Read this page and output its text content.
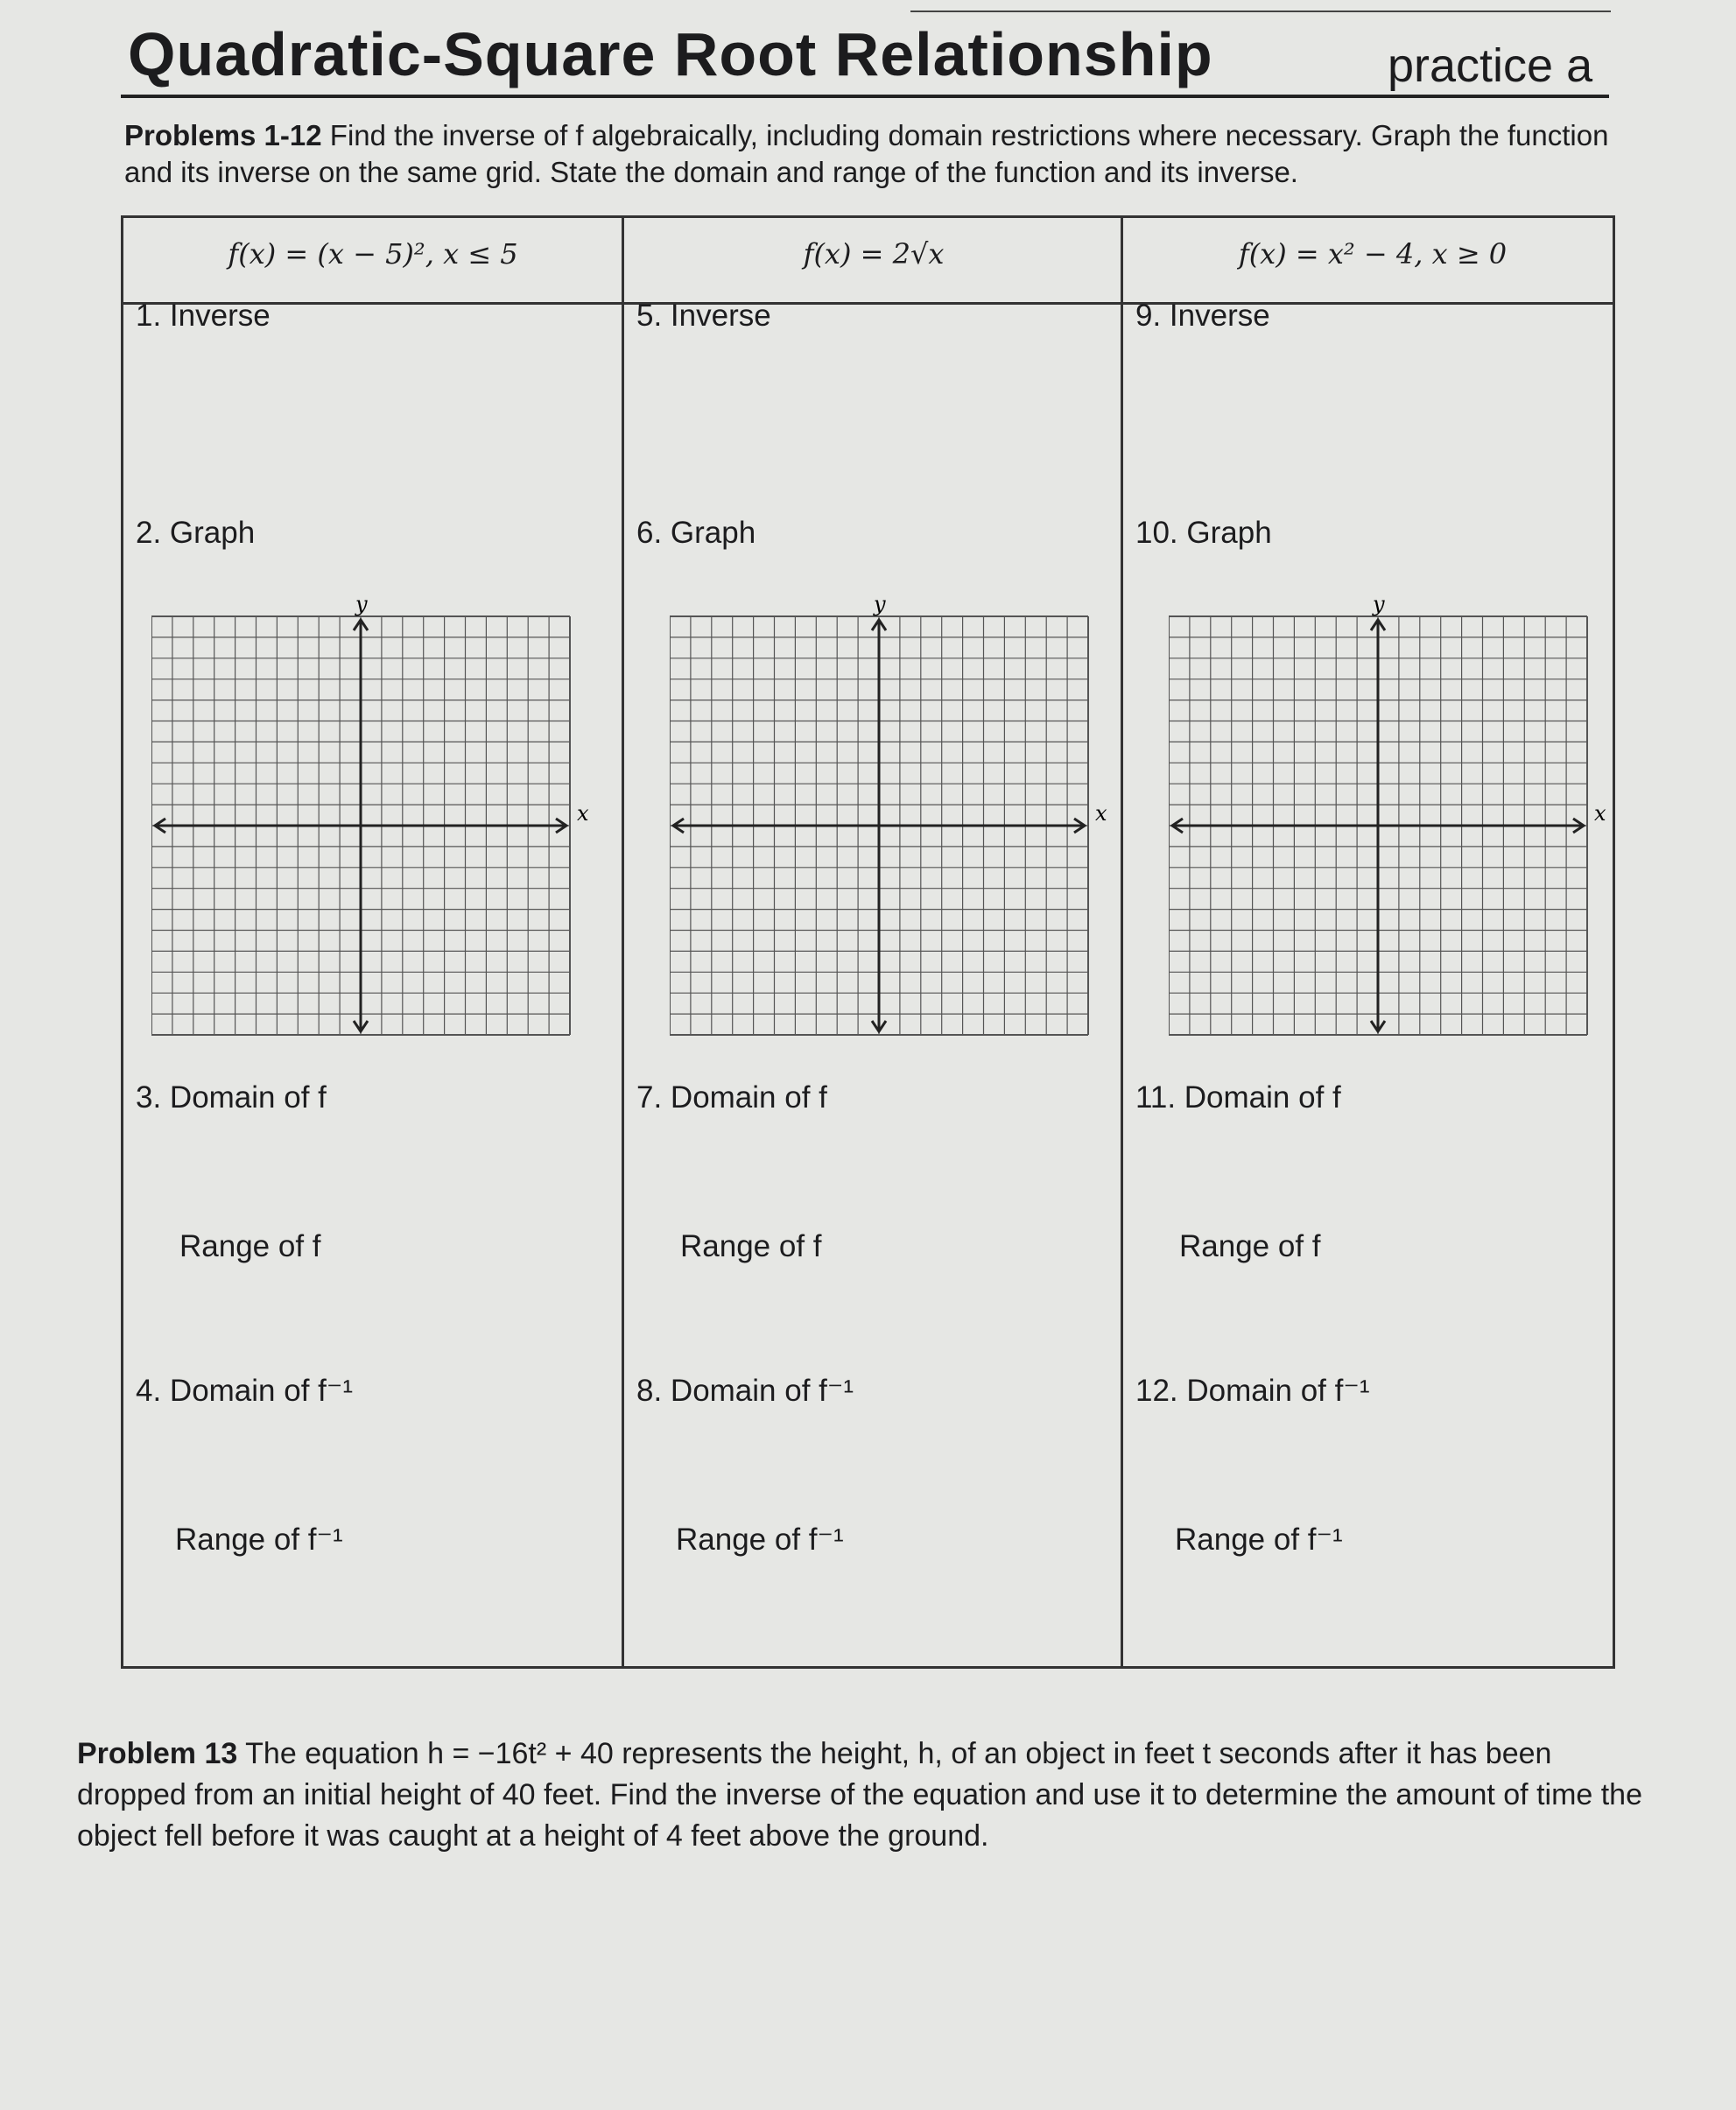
Quadratic-Square Root Relationship	practice a
Problems 1-12 Find the inverse of f algebraically, including domain restrictions where necessary. Graph the function and its inverse on the same grid. State the domain and range of the function and its inverse.
f(x) = (x − 5)², x ≤ 5
1. Inverse
2. Graph
3. Domain of f
Range of f
4. Domain of f⁻¹
Range of f⁻¹
y
x
f(x) = 2√x
5. Inverse
6. Graph
7. Domain of f
Range of f
8. Domain of f⁻¹
Range of f⁻¹
y
x
f(x) = x² − 4, x ≥ 0
9. Inverse
10. Graph
11. Domain of f
Range of f
12. Domain of f⁻¹
Range of f⁻¹
y
x
Problem 13 The equation h = −16t² + 40 represents the height, h, of an object in feet t seconds after it has been dropped from an initial height of 40 feet. Find the inverse of the equation and use it to determine the amount of time the object fell before it was caught at a height of 4 feet above the ground.
